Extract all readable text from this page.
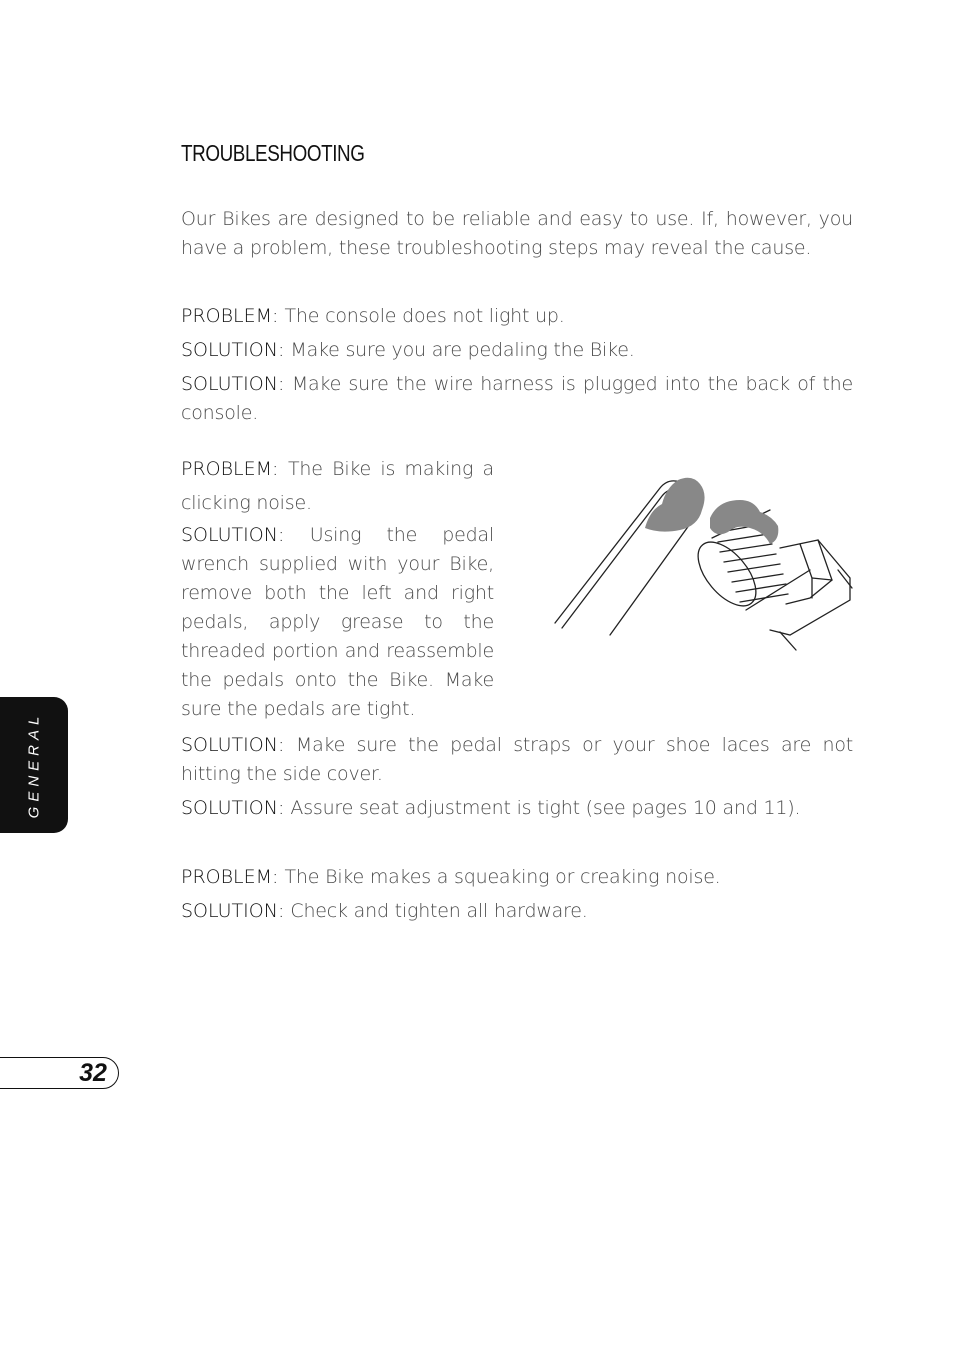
TROUBLESHOOTING

Our Bikes are designed to be reliable and easy to use. If, however, you have a problem, these troubleshooting steps may reveal the cause.

PROBLEM: The console does not light up.

SOLUTION: Make sure you are pedaling the Bike.

SOLUTION: Make sure the wire harness is plugged into the back of the console.

PROBLEM: The Bike is making a clicking noise.

SOLUTION: Using the pedal wrench supplied with your Bike, remove both the left and right pedals, apply grease to the threaded portion and reassemble the pedals onto the Bike. Make sure the pedals are tight.

SOLUTION: Make sure the pedal straps or your shoe laces are not hitting the side cover.

SOLUTION: Assure seat adjustment is tight (see pages 10 and 11).

PROBLEM: The Bike makes a squeaking or creaking noise.

SOLUTION: Check and tighten all hardware.

GENERAL
32
